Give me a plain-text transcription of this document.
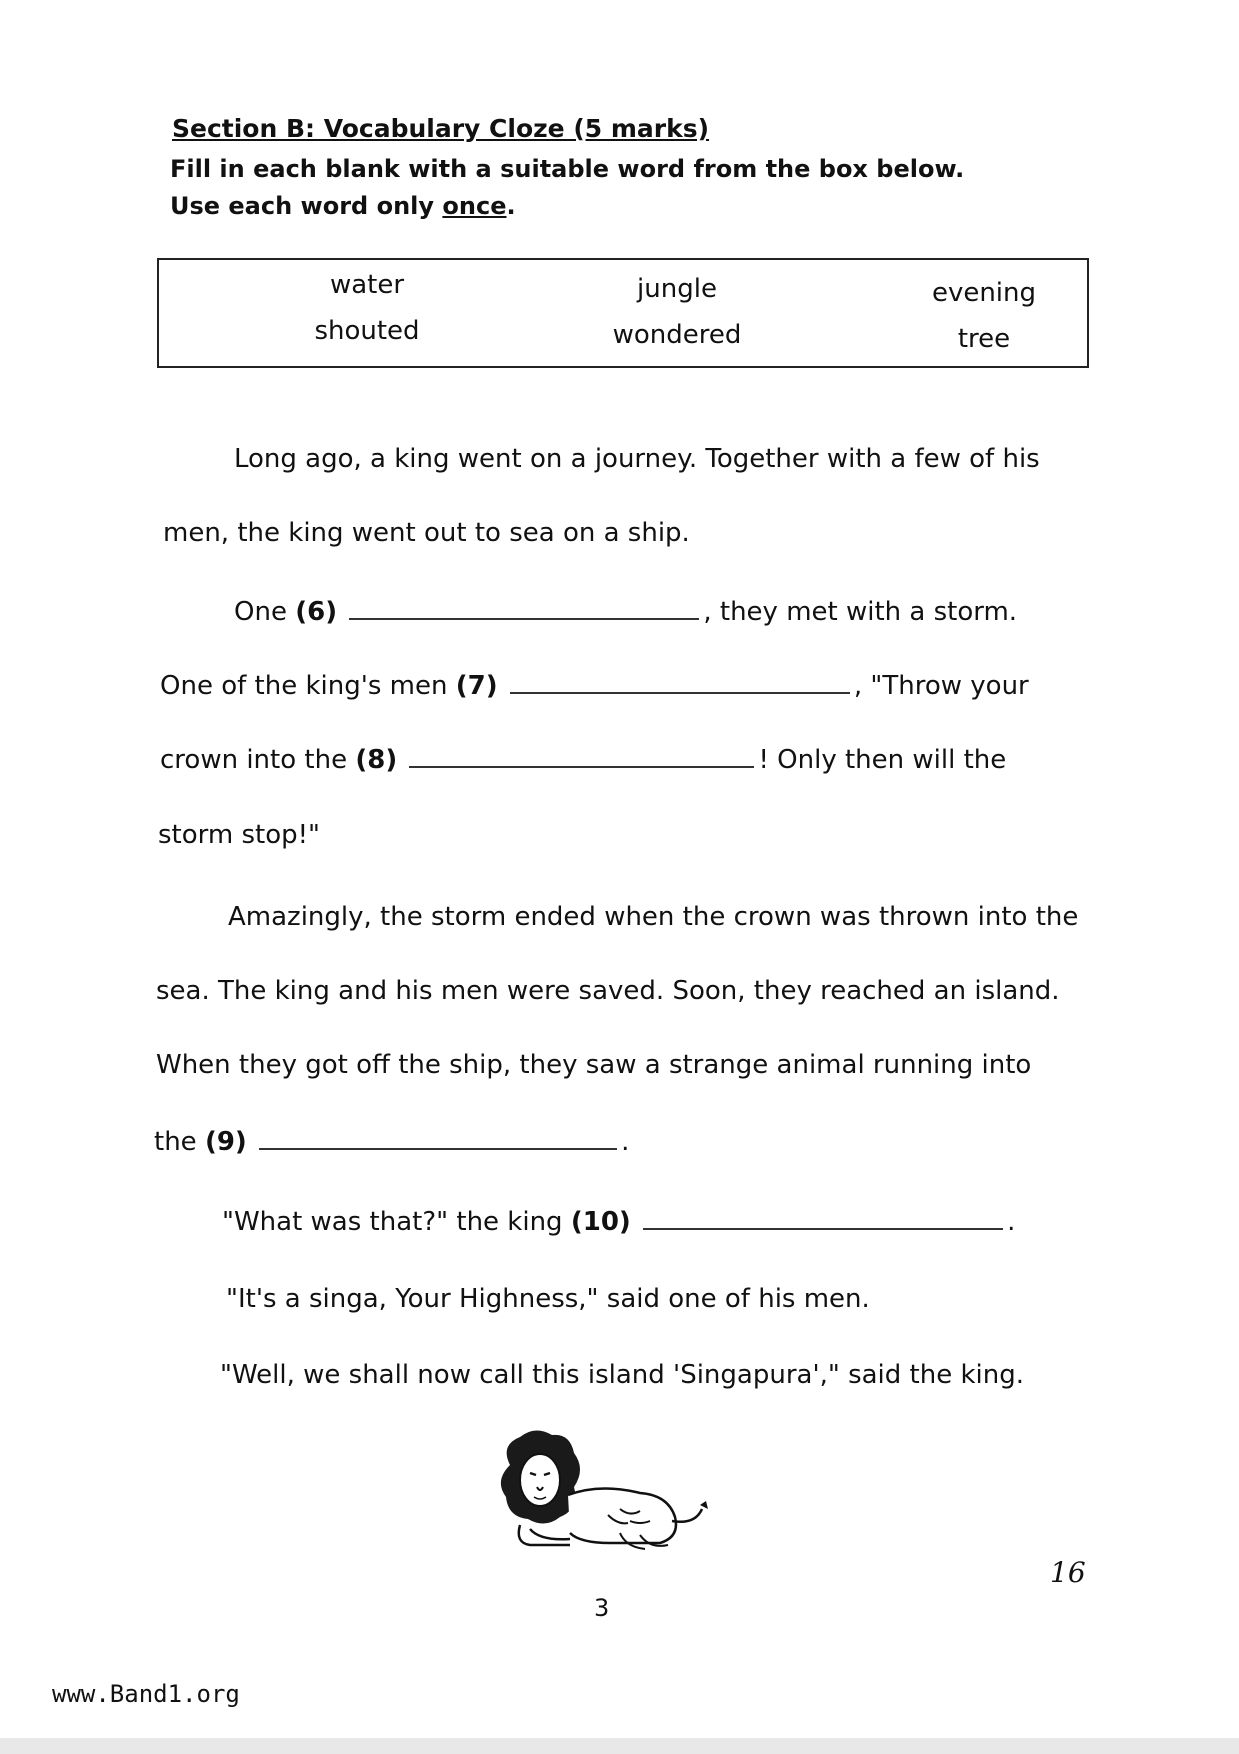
Section B: Vocabulary Cloze (5 marks)
Fill in each blank with a suitable word from the box below.
Use each word only once.
water	jungle	evening
shouted	wondered	tree
Long ago, a king went on a journey. Together with a few of his
men, the king went out to sea on a ship.
One (6)	, they met with a storm.
One of the king's men (7)	, "Throw your
crown into the (8)	! Only then will the
storm stop!"
Amazingly, the storm ended when the crown was thrown into the
sea. The king and his men were saved. Soon, they reached an island.
When they got off the ship, they saw a strange animal running into
the (9)	.
"What was that?" the king (10)	.
"It's a singa, Your Highness," said one of his men.
"Well, we shall now call this island 'Singapura'," said the king.
3
16
www.Band1.org
